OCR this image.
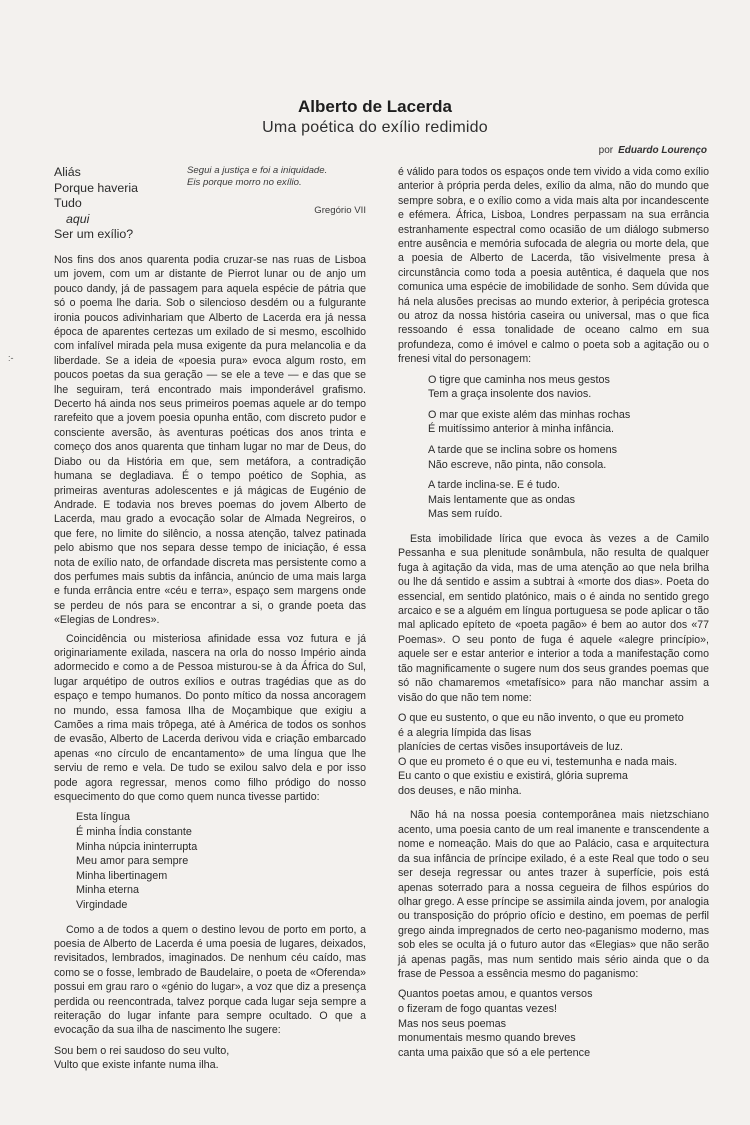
Alberto de Lacerda
Uma poética do exílio redimido
por Eduardo Lourenço
:-
Aliás
Porque haveria
Tudo
aqui
Ser um exílio?
Segui a justiça e foi a iniquidade.
Eis porque morro no exílio.
Gregório VII

Nos fins dos anos quarenta podia cruzar-se nas ruas de Lisboa um jovem, com um ar distante de Pierrot lunar ou de anjo um pouco dandy, já de passagem para aquela espécie de pátria que só o poema lhe daria. Sob o silencioso desdém ou a fulgurante ironia poucos adivinhariam que Alberto de Lacerda era já nessa época de aparentes certezas um exilado de si mesmo, escolhido com infalível mirada pela musa exigente da pura melancolia e da liberdade. Se a ideia de «poesia pura» evoca algum rosto, em poucos poetas da sua geração — se ele a teve — e das que se lhe seguiram, terá encontrado mais imponderável grafismo. Decerto há ainda nos seus primeiros poemas aquele ar do tempo rarefeito que a jovem poesia opunha então, com discreto pudor e consciente aversão, às aventuras poéticas dos anos trinta e começo dos anos quarenta que tinham lugar no mar de Deus, do Diabo ou da História em que, sem metáfora, a contradição humana se degladiava. É o tempo poético de Sophia, as primeiras aventuras adolescentes e já mágicas de Eugénio de Andrade. E todavia nos breves poemas do jovem Alberto de Lacerda, mau grado a evocação solar de Almada Negreiros, o que fere, no limite do silêncio, a nossa atenção, talvez patinada pelo abismo que nos separa desse tempo de iniciação, é essa nota de exílio nato, de orfandade discreta mas persistente como a dos perfumes mais subtis da infância, anúncio de uma mais larga e funda errância entre «céu e terra», espaço sem margens onde se perdeu de nós para se encontrar a si, o grande poeta das «Elegias de Londres».

Coincidência ou misteriosa afinidade essa voz futura e já originariamente exilada, nascera na orla do nosso Império ainda adormecido e como a de Pessoa misturou-se à da África do Sul, lugar arquétipo de outros exílios e outras tragédias que as do espaço e tempo humanos. Do ponto mítico da nossa ancoragem no mundo, essa famosa Ilha de Moçambique que exigiu a Camões a rima mais trôpega, até à América de todos os sonhos de evasão, Alberto de Lacerda derivou vida e criação embarcado apenas «no círculo de encantamento» de uma língua que lhe serviu de remo e vela. De tudo se exilou salvo dela e por isso pode agora regressar, menos como filho pródigo do nosso esquecimento do que como quem nunca tivesse partido:

Esta língua
É minha Índia constante
Minha núpcia ininterrupta
Meu amor para sempre
Minha libertinagem
Minha eterna
Virgindade

Como a de todos a quem o destino levou de porto em porto, a poesia de Alberto de Lacerda é uma poesia de lugares, deixados, revisitados, lembrados, imaginados. De nenhum céu caído, mas como se o fosse, lembrado de Baudelaire, o poeta de «Oferenda» possui em grau raro o «génio do lugar», a voz que diz a presença perdida ou reencontrada, talvez porque cada lugar seja sempre a reiteração do lugar infante para sempre ocultado. O que a evocação da sua ilha de nascimento lhe sugere:

Sou bem o rei saudoso do seu vulto,
Vulto que existe infante numa ilha.

é válido para todos os espaços onde tem vivido a vida como exílio anterior à própria perda deles, exílio da alma, não do mundo que sempre sobra, e o exílio como a vida mais alta por incandescente e efémera. África, Lisboa, Londres perpassam na sua errância estranhamente espectral como ocasião de um diálogo submerso entre ausência e memória sufocada de alegria ou morte dela, que a poesia de Alberto de Lacerda, tão visivelmente presa à circunstância como toda a poesia autêntica, é daquela que nos comunica uma espécie de imobilidade de sonho. Sem dúvida que há nela alusões precisas ao mundo exterior, à peripécia grotesca ou atroz da nossa história caseira ou universal, mas o que fica ressoando é essa tonalidade de oceano calmo em sua profundeza, como é imóvel e calmo o poeta sob a agitação ou o frenesi vital do personagem:

O tigre que caminha nos meus gestos
Tem a graça insolente dos navios.
O mar que existe além das minhas rochas
É muitíssimo anterior à minha infância.
A tarde que se inclina sobre os homens
Não escreve, não pinta, não consola.
A tarde inclina-se. E é tudo.
Mais lentamente que as ondas
Mas sem ruído.

Esta imobilidade lírica que evoca às vezes a de Camilo Pessanha e sua plenitude sonâmbula, não resulta de qualquer fuga à agitação da vida, mas de uma atenção ao que nela brilha ou lhe dá sentido e assim a subtrai à «morte dos dias». Poeta do essencial, em sentido platónico, mais o é ainda no sentido grego arcaico e se a alguém em língua portuguesa se pode aplicar o tão mal aplicado epíteto de «poeta pagão» é bem ao autor dos «77 Poemas». O seu ponto de fuga é aquele «alegre princípio», aquele ser e estar anterior e interior a toda a manifestação como tão magnificamente o sugere num dos seus grandes poemas que só não chamaremos «metafísico» para não manchar assim a visão do que não tem nome:

O que eu sustento, o que eu não invento, o que eu prometo
é a alegria límpida das lisas
planícies de certas visões insuportáveis de luz.
O que eu prometo é o que eu vi, testemunha e nada mais.
Eu canto o que existiu e existirá, glória suprema
dos deuses, e não minha.

Não há na nossa poesia contemporânea mais nietzschiano acento, uma poesia canto de um real imanente e transcendente a nome e nomeação. Mais do que ao Palácio, casa e arquitectura da sua infância de príncipe exilado, é a este Real que todo o seu ser deseja regressar ou antes trazer à superfície, pois está apenas soterrado para a nossa cegueira de filhos espúrios do olhar grego. A esse príncipe se assimila ainda jovem, por analogia ou transposição do próprio ofício e destino, em poemas de perfil grego ainda impregnados de certo neo-paganismo moderno, mas sob eles se oculta já o futuro autor das «Elegias» que não serão já apenas pagãs, mas num sentido mais sério ainda que o da frase de Pessoa a essência mesmo do paganismo:

Quantos poetas amou, e quantos versos
o fizeram de fogo quantas vezes!
Mas nos seus poemas
monumentais mesmo quando breves
canta uma paixão que só a ele pertence
